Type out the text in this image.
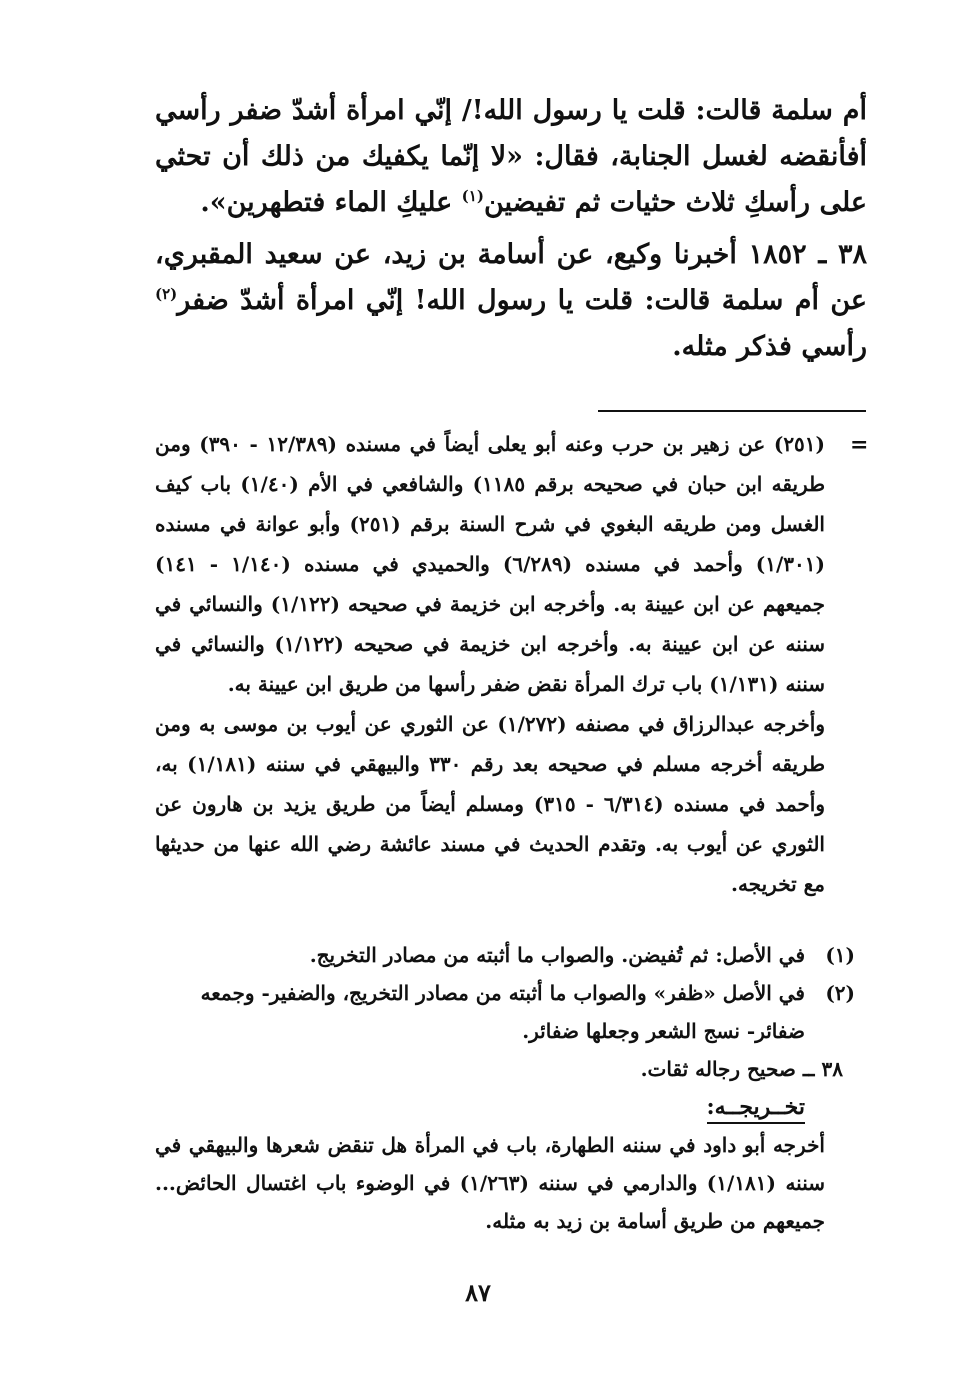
أم سلمة قالت: قلت يا رسول الله!/ إنّي امرأة أشدّ ضفر رأسي أفأنقضه لغسل الجنابة، فقال: «لا إنّما يكفيك من ذلك أن تحثي على رأسكِ ثلاث حثيات ثم تفيضين$^{(١)}$ عليكِ الماء فتطهرين».

٣٨ ـ ١٨٥٢ أخبرنا وكيع، عن أسامة بن زيد، عن سعيد المقبري، عن أم سلمة قالت: قلت يا رسول الله! إنّي امرأة أشدّ ضفر$^{(٢)}$ رأسي فذكر مثله.

=

(٢٥١) عن زهير بن حرب وعنه أبو يعلى أيضاً في مسنده (١٢/٣٨٩ - ٣٩٠) ومن طريقه ابن حبان في صحيحه برقم ١١٨٥) والشافعي في الأم (١/٤٠) باب كيف الغسل ومن طريقه البغوي في شرح السنة برقم (٢٥١) وأبو عوانة في مسنده (١/٣٠١) وأحمد في مسنده (٦/٢٨٩) والحميدي في مسنده (١/١٤٠ - ١٤١) جميعهم عن ابن عيينة به. وأخرجه ابن خزيمة في صحيحه (١/١٢٢) والنسائي في سننه عن ابن عيينة به. وأخرجه ابن خزيمة في صحيحه (١/١٢٢) والنسائي في سننه (١/١٣١) باب ترك المرأة نقض ضفر رأسها من طريق ابن عيينة به.

وأخرجه عبدالرزاق في مصنفه (١/٢٧٢) عن الثوري عن أيوب بن موسى به ومن طريقه أخرجه مسلم في صحيحه بعد رقم ٣٣٠ والبيهقي في سننه (١/١٨١) به، وأحمد في مسنده (٦/٣١٤ - ٣١٥) ومسلم أيضاً من طريق يزيد بن هارون عن الثوري عن أيوب به. وتقدم الحديث في مسند عائشة رضي الله عنها من حديثها مع تخريجه.

(١)
في الأصل: ثم تُفيضن. والصواب ما أثبته من مصادر التخريج.
(٢)
في الأصل «ظفر» والصواب ما أثبته من مصادر التخريج، والضفير- وجمعه ضفائر- نسج الشعر وجعلها ضفائر.

٣٨ ــ صحيح رجاله ثقات.

تخــريجــه:

أخرجه أبو داود في سننه الطهارة، باب في المرأة هل تنقض شعرها والبيهقي في سننه (١/١٨١) والدارمي في سننه (١/٢٦٣) في الوضوء باب اغتسال الحائض... جميعهم من طريق أسامة بن زيد به مثله.

٨٧
